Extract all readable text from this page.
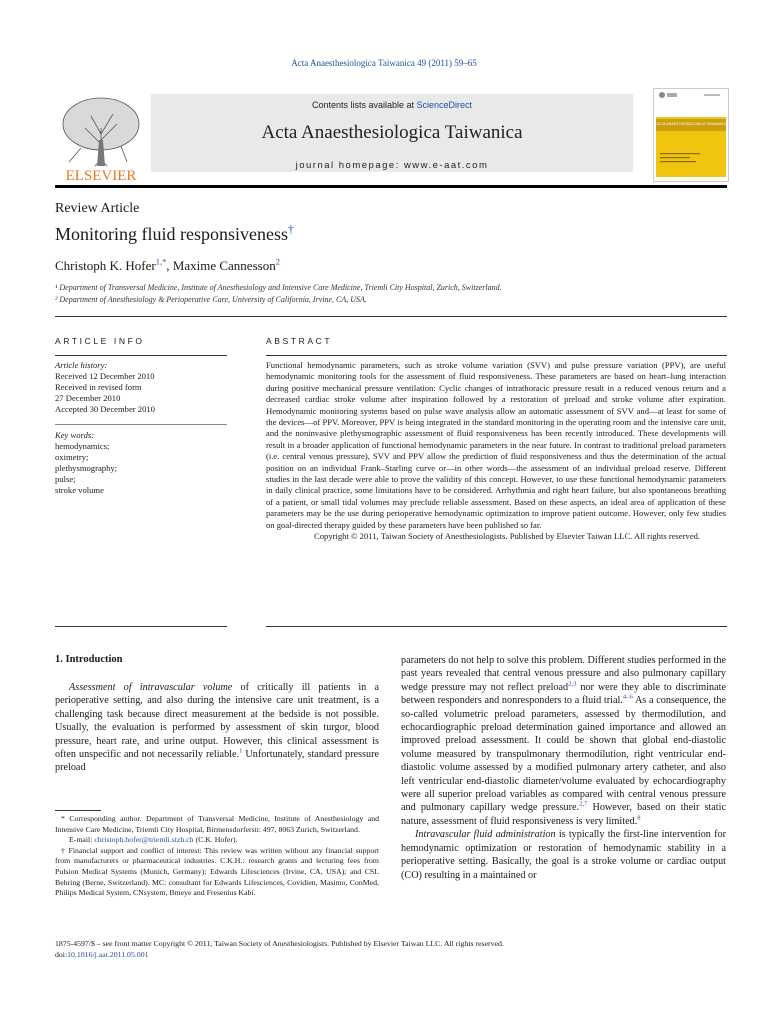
Acta Anaesthesiologica Taiwanica 49 (2011) 59–65
ELSEVIER
Contents lists available at ScienceDirect
Acta Anaesthesiologica Taiwanica
journal homepage: www.e-aat.com
ACTA ANAESTHESIOLOGICA TAIWANICA
Review Article
Monitoring fluid responsiveness†
Christoph K. Hofer$^{1,*}$, Maxime Cannesson$^2$
¹ Department of Transversal Medicine, Institute of Anesthesiology and Intensive Care Medicine, Triemli City Hospital, Zurich, Switzerland.
² Department of Anesthesiology & Perioperative Care, University of California, Irvine, CA, USA.
ARTICLE INFO
Article history:
Received 12 December 2010
Received in revised form
27 December 2010
Accepted 30 December 2010
Key words:
hemodynamics;
oximetry;
plethysmography;
pulse;
stroke volume
ABSTRACT
Functional hemodynamic parameters, such as stroke volume variation (SVV) and pulse pressure variation (PPV), are useful hemodynamic monitoring tools for the assessment of fluid responsiveness. These parameters are based on heart–lung interaction during positive mechanical pressure ventilation: Cyclic changes of intrathoracic pressure result in a reduced venous return and a decreased cardiac stroke volume after inspiration followed by a restoration of preload and stroke volume after expiration. Hemodynamic monitoring systems based on pulse wave analysis allow an automatic assessment of SVV and—at least for some of the devices—of PPV. Moreover, PPV is being integrated in the standard monitoring in the operating room and the intensive care unit, and the noninvasive plethysmographic assessment of fluid responsiveness has been recently introduced. These developments will result in a broader application of functional hemodynamic parameters in the near future. In contrast to traditional preload parameters (i.e. central venous pressure), SVV and PPV allow the prediction of fluid responsiveness and thus the determination of the actual position on an individual Frank–Starling curve or—in other words—the assessment of an individual preload reserve. Different studies in the last decade were able to prove the validity of this concept. However, to use these functional hemodynamic parameters in daily clinical practice, some limitations have to be considered. Arrhythmia and right heart failure, but also spontaneous breathing of a patient, or small tidal volumes may preclude reliable assessment. Based on these aspects, an ideal area of application of these parameters may be the use during perioperative hemodynamic optimization to improve patient outcome. However, only few studies on goal-directed therapy guided by these parameters have been published so far.
Copyright © 2011, Taiwan Society of Anesthesiologists. Published by Elsevier Taiwan LLC. All rights reserved.
1. Introduction

Assessment of intravascular volume of critically ill patients in a perioperative setting, and also during the intensive care unit treatment, is a challenging task because direct measurement at the bedside is not possible. Usually, the evaluation is performed by assessment of skin turgor, blood pressure, heart rate, and urine output. However, this clinical assessment is often unspecific and not necessarily reliable.$^1$ Unfortunately, standard pressure preload

* Corresponding author. Department of Transversal Medicine, Institute of Anesthesiology and Intensive Care Medicine, Triemli City Hospital, Birmensdorferstr. 497, 8063 Zurich, Switzerland.

E-mail: christoph.hofer@triemli.stzh.ch (C.K. Hofer).

† Financial support and conflict of interest: This review was written without any financial support from manufacturers or pharmaceutical industries. C.K.H.: research grants and lecturing fees from Pulsion Medical Systems (Munich, Germany); Edwards Lifesciences (Irvine, CA, USA); and CSL Behring (Berne, Switzerland). MC: consultant for Edwards Lifesciences, Covidien, Masimo, ConMed, Philips Medical System, CNsystem, Bmeye and Fresenius Kabi.

parameters do not help to solve this problem. Different studies performed in the past years revealed that central venous pressure and also pulmonary capillary wedge pressure may not reflect preload$^{2,3}$ nor were they able to discriminate between responders and nonresponders to a fluid trial.$^{4-6}$ As a consequence, the so-called volumetric preload parameters, assessed by thermodilution, and echocardiographic preload determination gained importance and allowed an improved preload assessment. It could be shown that global end-diastolic volume measured by transpulmonary thermodilution, right ventricular end-diastolic volume assessed by a modified pulmonary artery catheter, and also left ventricular end-diastolic diameter/volume evaluated by echocardiography were all superior preload variables as compared with central venous pressure and pulmonary capillary wedge pressure.$^{2,7}$ However, based on their static nature, assessment of fluid responsiveness is very limited.$^8$

Intravascular fluid administration is typically the first-line intervention for hemodynamic optimization or restoration of hemodynamic stability in a perioperative setting. Basically, the goal is a stroke volume or cardiac output (CO) resulting in a maintained or

1875-4597/$ – see front matter Copyright © 2011, Taiwan Society of Anesthesiologists. Published by Elsevier Taiwan LLC. All rights reserved.
doi:10.1016/j.aat.2011.05.001
